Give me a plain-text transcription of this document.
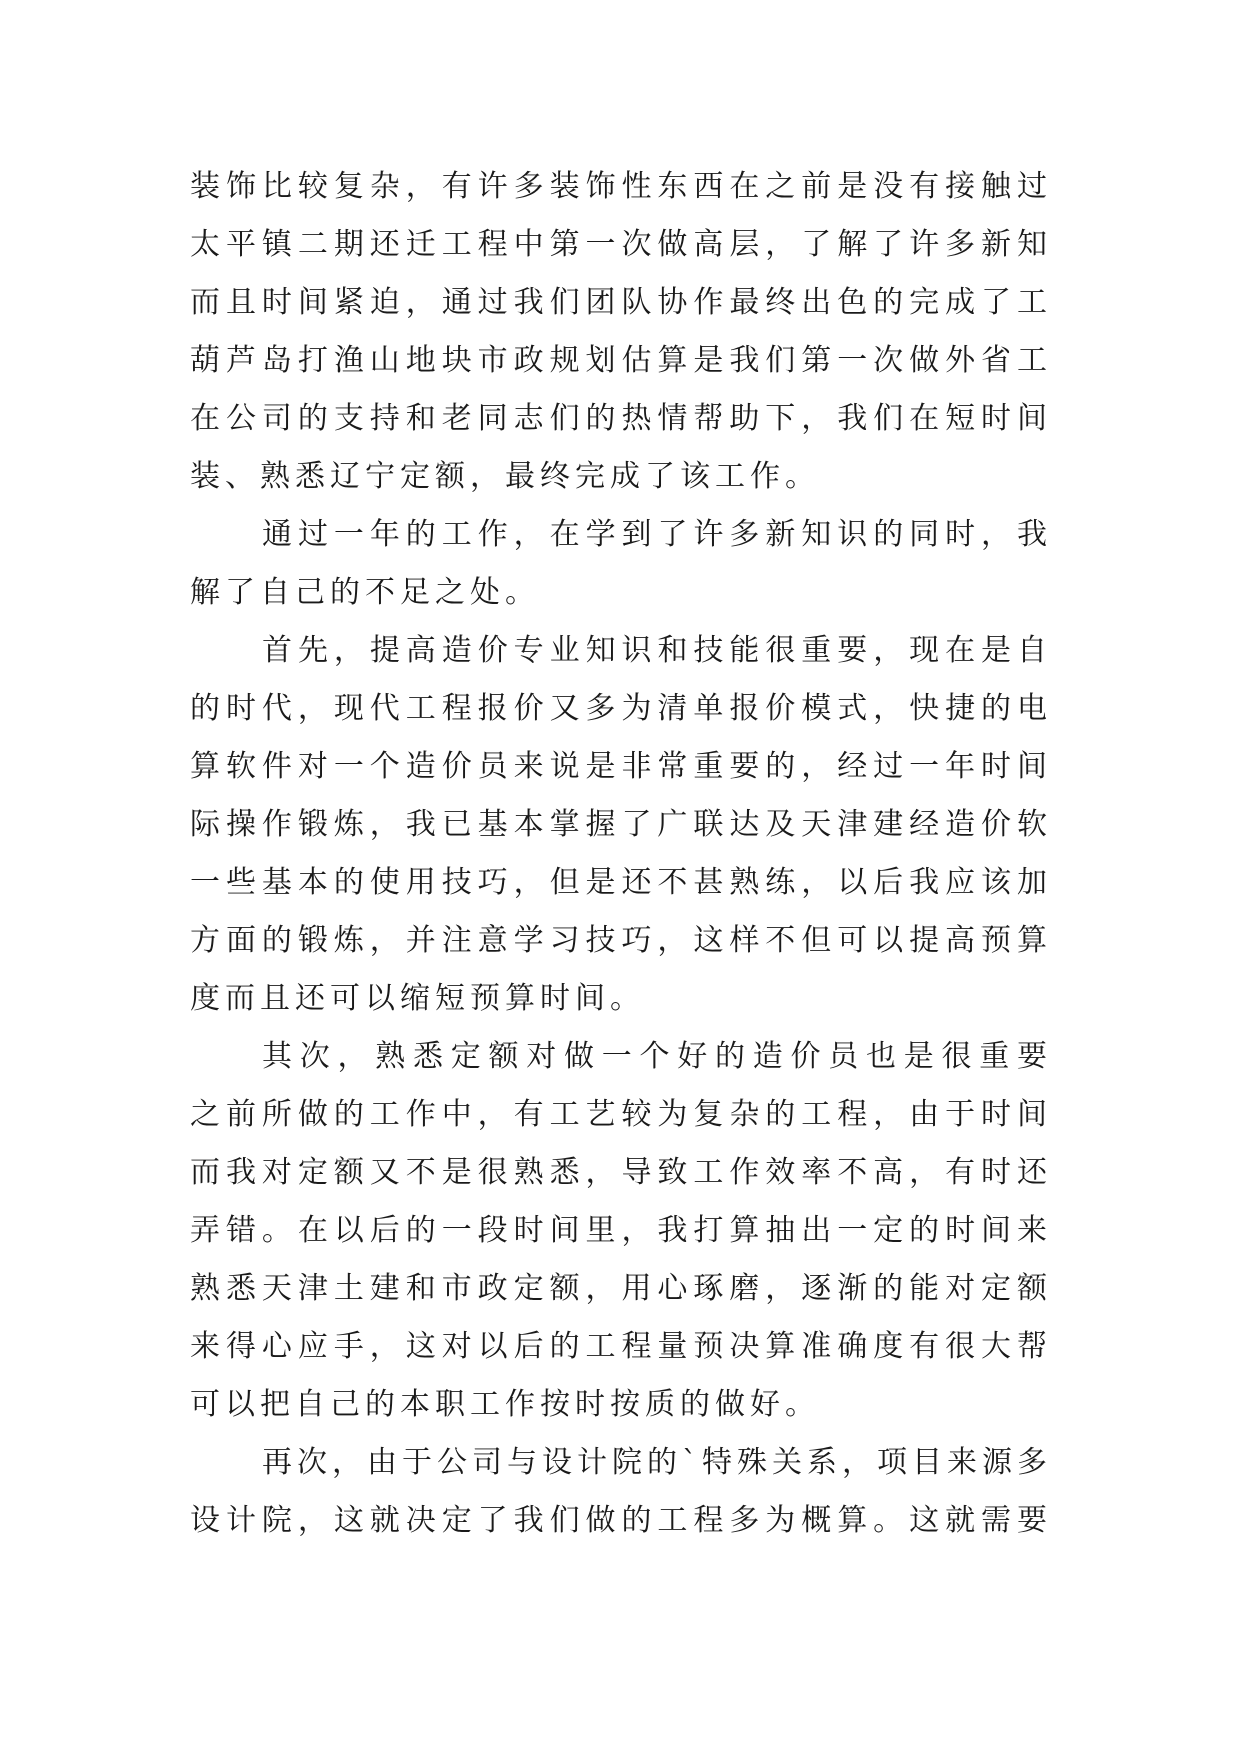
装饰比较复杂，有许多装饰性东西在之前是没有接触过
太平镇二期还迁工程中第一次做高层，了解了许多新知
而且时间紧迫，通过我们团队协作最终出色的完成了工
葫芦岛打渔山地块市政规划估算是我们第一次做外省工
在公司的支持和老同志们的热情帮助下，我们在短时间
装、熟悉辽宁定额，最终完成了该工作。
通过一年的工作，在学到了许多新知识的同时，我
解了自己的不足之处。
首先，提高造价专业知识和技能很重要，现在是自
的时代，现代工程报价又多为清单报价模式，快捷的电
算软件对一个造价员来说是非常重要的，经过一年时间
际操作锻炼，我已基本掌握了广联达及天津建经造价软
一些基本的使用技巧，但是还不甚熟练，以后我应该加
方面的锻炼，并注意学习技巧，这样不但可以提高预算
度而且还可以缩短预算时间。
其次，熟悉定额对做一个好的造价员也是很重要
之前所做的工作中，有工艺较为复杂的工程，由于时间
而我对定额又不是很熟悉，导致工作效率不高，有时还
弄错。在以后的一段时间里，我打算抽出一定的时间来
熟悉天津土建和市政定额，用心琢磨，逐渐的能对定额
来得心应手，这对以后的工程量预决算准确度有很大帮
可以把自己的本职工作按时按质的做好。
再次，由于公司与设计院的`特殊关系，项目来源多
设计院，这就决定了我们做的工程多为概算。这就需要
